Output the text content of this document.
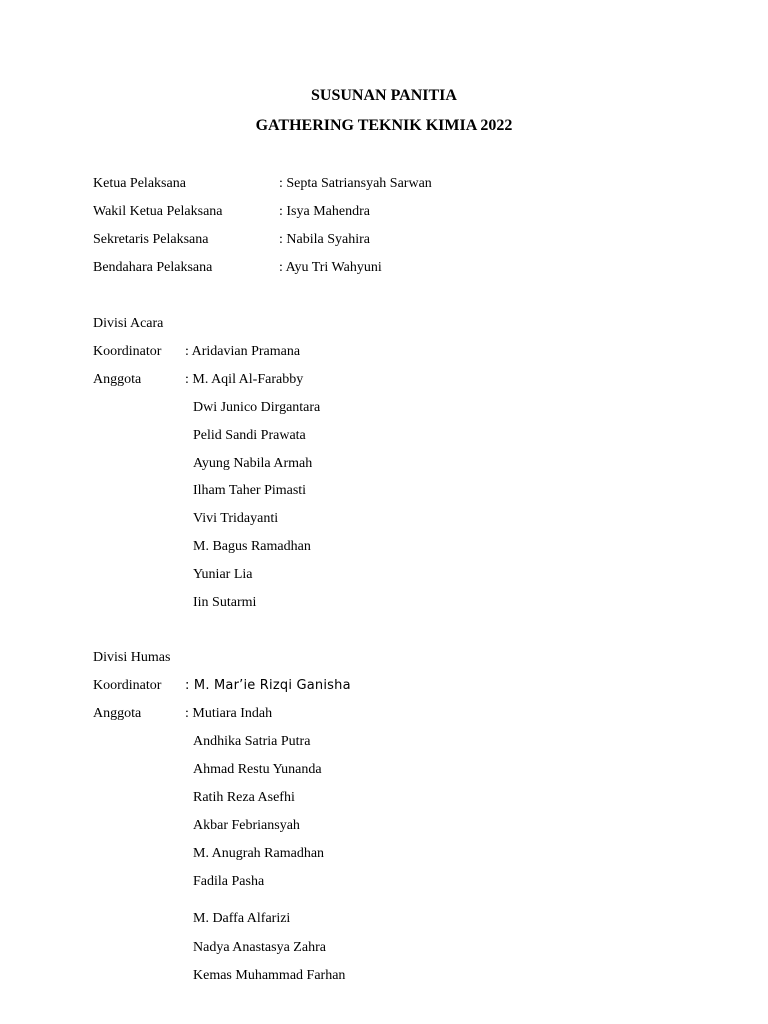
SUSUNAN PANITIA
GATHERING TEKNIK KIMIA 2022
Ketua Pelaksana	: Septa Satriansyah Sarwan
Wakil Ketua Pelaksana	: Isya Mahendra
Sekretaris Pelaksana	: Nabila Syahira
Bendahara Pelaksana	: Ayu Tri Wahyuni
Divisi Acara
Koordinator : Aridavian Pramana
Anggota	: M. Aqil Al-Farabby
Dwi Junico Dirgantara
Pelid Sandi Prawata
Ayung Nabila Armah
Ilham Taher Pimasti
Vivi Tridayanti
M. Bagus Ramadhan
Yuniar Lia
Iin Sutarmi
Divisi Humas
Koordinator : M. Mar’ie Rizqi Ganisha
Anggota	: Mutiara Indah
Andhika Satria Putra
Ahmad Restu Yunanda
Ratih Reza Asefhi
Akbar Febriansyah
M. Anugrah Ramadhan
Fadila Pasha
M. Daffa Alfarizi
Nadya Anastasya Zahra
Kemas Muhammad Farhan
